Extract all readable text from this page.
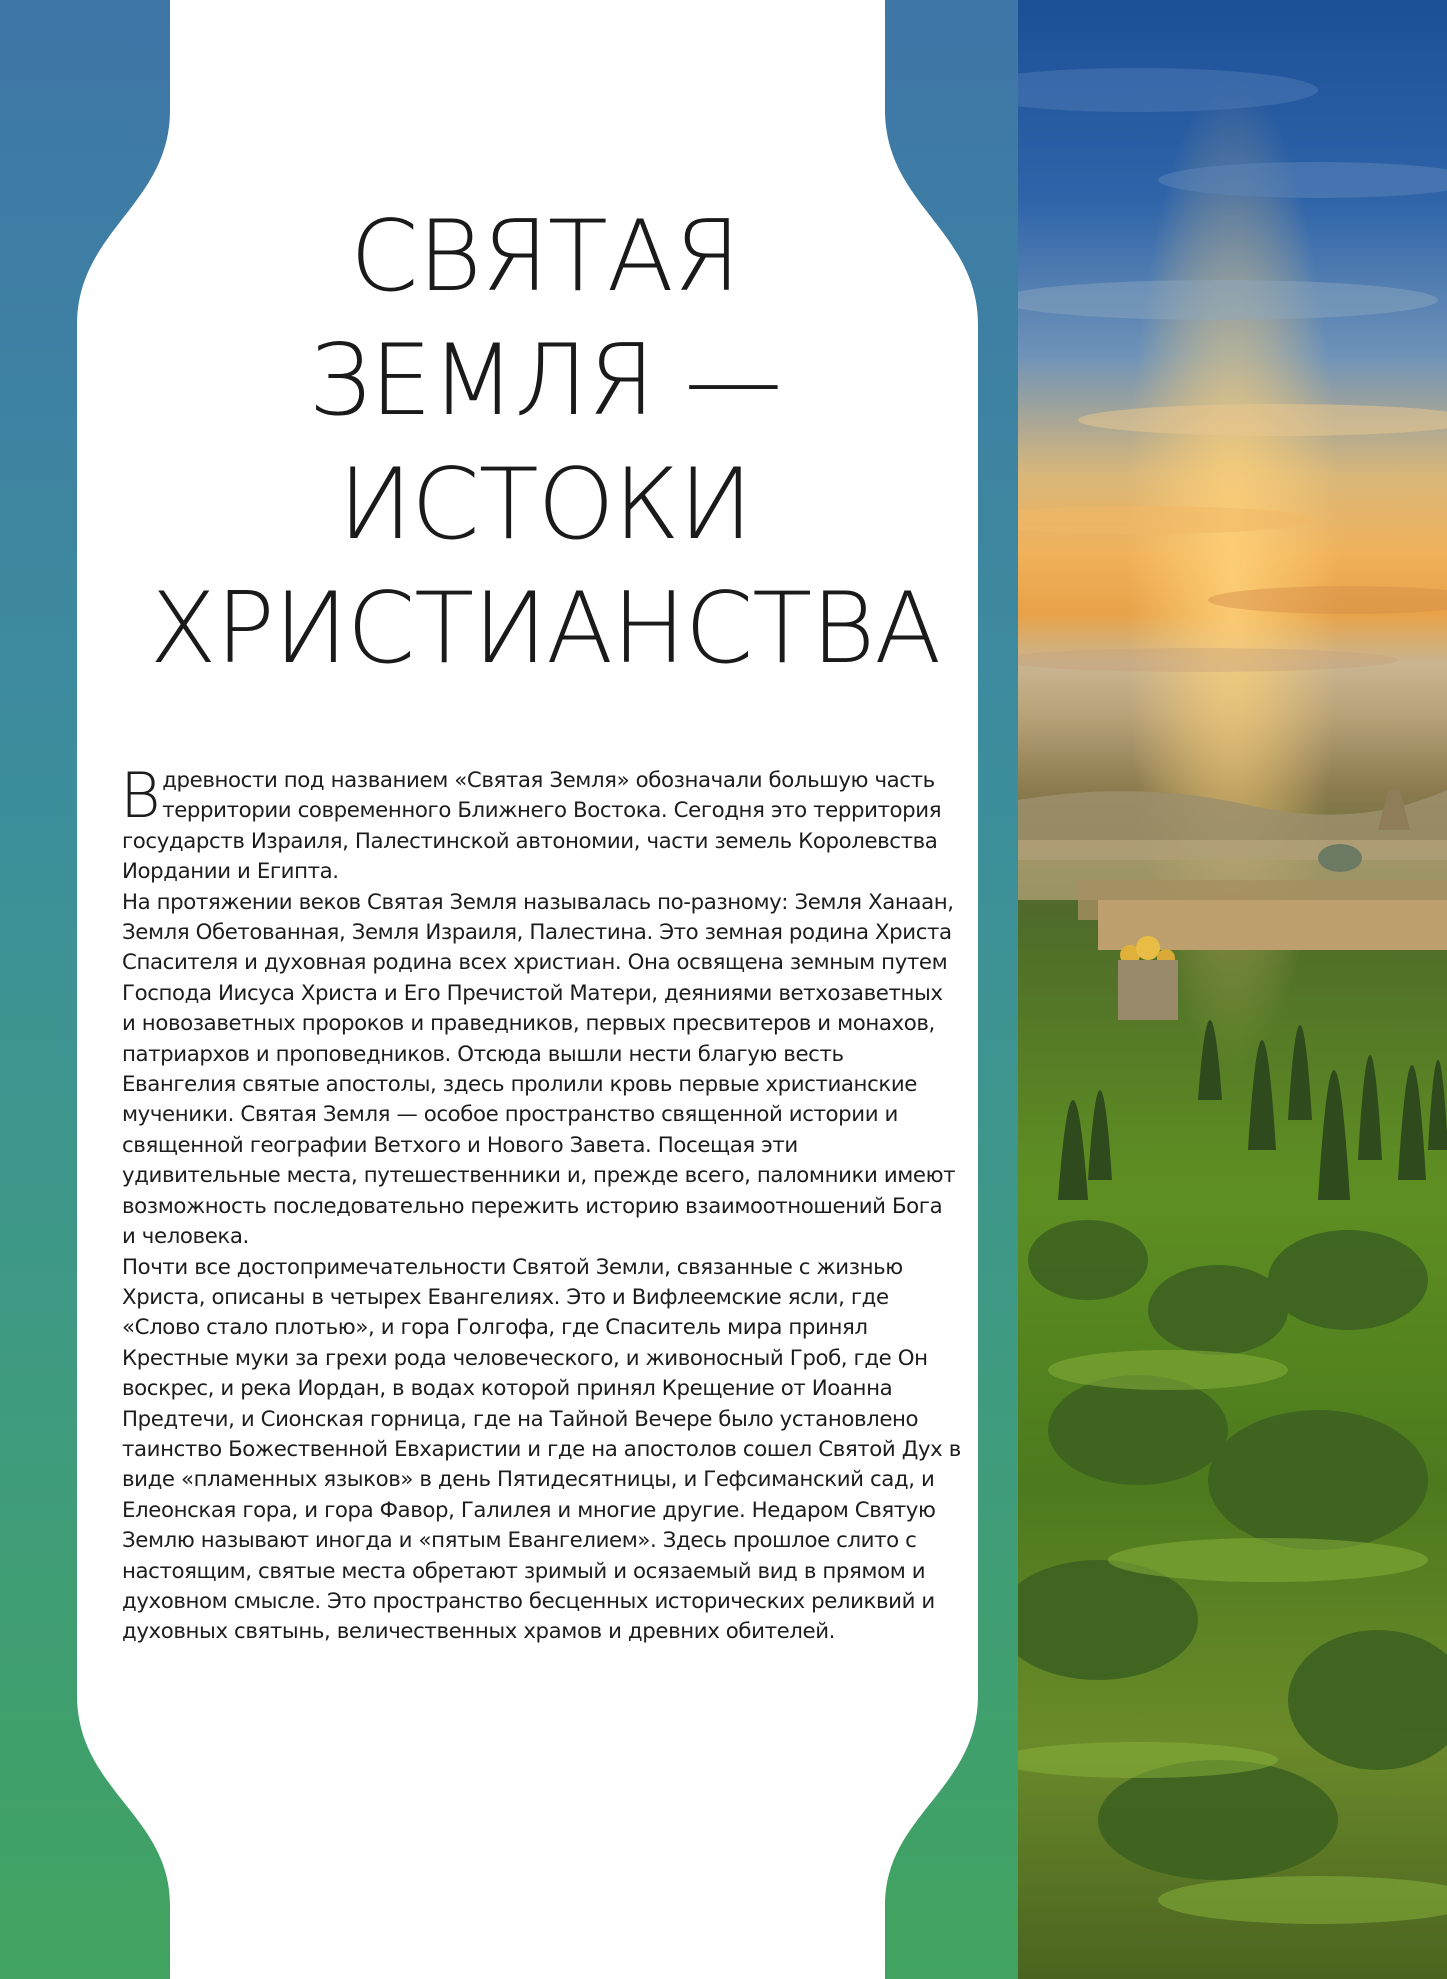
СВЯТАЯ
ЗЕМЛЯ —
ИСТОКИ
ХРИСТИАНСТВА

Вдревности под названием «Святая Земля» обозначали большую часть территории современного Ближнего Востока. Сегодня это территория государств Израиля, Палестинской автономии, части земель Королевства Иордании и Египта.

На протяжении веков Святая Земля называлась по-разному: Земля Ханаан, Земля Обетованная, Земля Израиля, Палестина. Это земная родина Христа Спасителя и духовная родина всех христиан. Она освящена земным путем Господа Иисуса Христа и Его Пречистой Матери, деяниями ветхозаветных и новозаветных пророков и праведников, первых пресвитеров и монахов, патриархов и проповедников. Отсюда вышли нести благую весть Евангелия святые апостолы, здесь пролили кровь первые христианские мученики. Святая Земля — особое пространство священной истории и священной географии Ветхого и Нового Завета. Посещая эти удивительные места, путешественники и, прежде всего, паломники имеют возможность последовательно пережить историю взаимоотношений Бога и человека.

Почти все достопримечательности Святой Земли, связанные с жизнью Христа, описаны в четырех Евангелиях. Это и Вифлеемские ясли, где «Слово стало плотью», и гора Голгофа, где Спаситель мира принял Крестные муки за грехи рода человеческого, и живоносный Гроб, где Он воскрес, и река Иордан, в водах которой принял Крещение от Иоанна Предтечи, и Сионская горница, где на Тайной Вечере было установлено таинство Божественной Евхаристии и где на апостолов сошел Святой Дух в виде «пламенных языков» в день Пятидесятницы, и Гефсиманский сад, и Елеонская гора, и гора Фавор, Галилея и многие другие. Недаром Святую Землю называют иногда и «пятым Евангелием». Здесь прошлое слито с настоящим, святые места обретают зримый и осязаемый вид в прямом и духовном смысле. Это пространство бесценных исторических реликвий и духовных святынь, величественных храмов и древних обителей.
